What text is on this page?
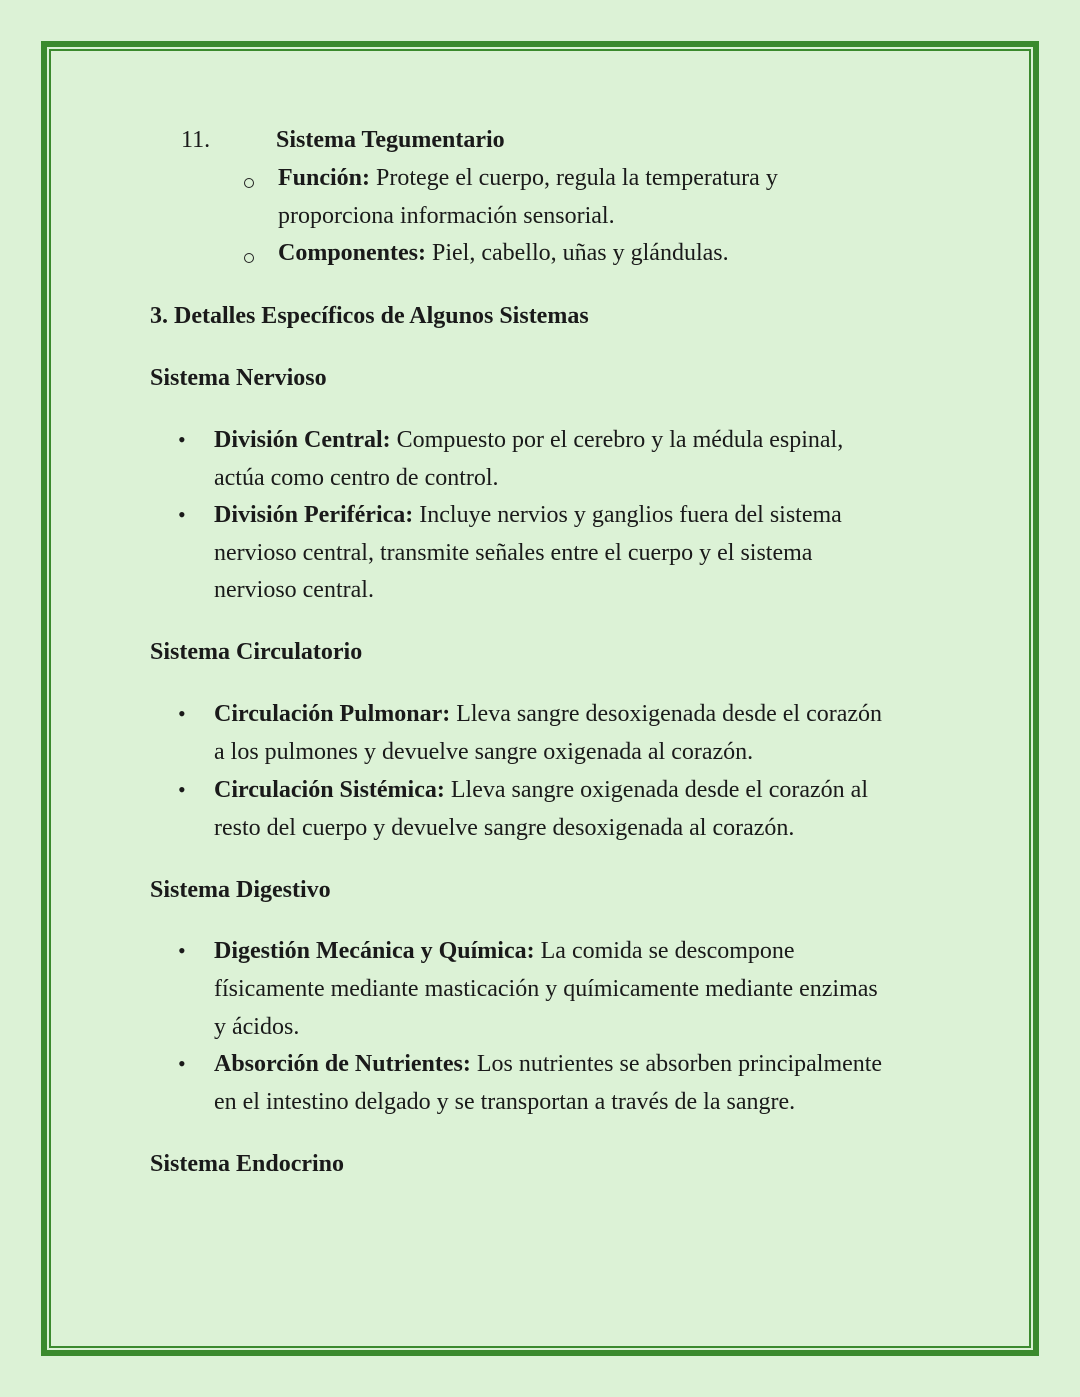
11.	Sistema Tegumentario
Función: Protege el cuerpo, regula la temperatura y
proporciona información sensorial.
Componentes: Piel, cabello, uñas y glándulas.
3. Detalles Específicos de Algunos Sistemas
Sistema Nervioso
• División Central: Compuesto por el cerebro y la médula espinal,
actúa como centro de control.
• División Periférica: Incluye nervios y ganglios fuera del sistema
nervioso central, transmite señales entre el cuerpo y el sistema
nervioso central.
Sistema Circulatorio
• Circulación Pulmonar: Lleva sangre desoxigenada desde el corazón
a los pulmones y devuelve sangre oxigenada al corazón.
• Circulación Sistémica: Lleva sangre oxigenada desde el corazón al
resto del cuerpo y devuelve sangre desoxigenada al corazón.
Sistema Digestivo
• Digestión Mecánica y Química: La comida se descompone
físicamente mediante masticación y químicamente mediante enzimas
y ácidos.
• Absorción de Nutrientes: Los nutrientes se absorben principalmente
en el intestino delgado y se transportan a través de la sangre.
Sistema Endocrino
